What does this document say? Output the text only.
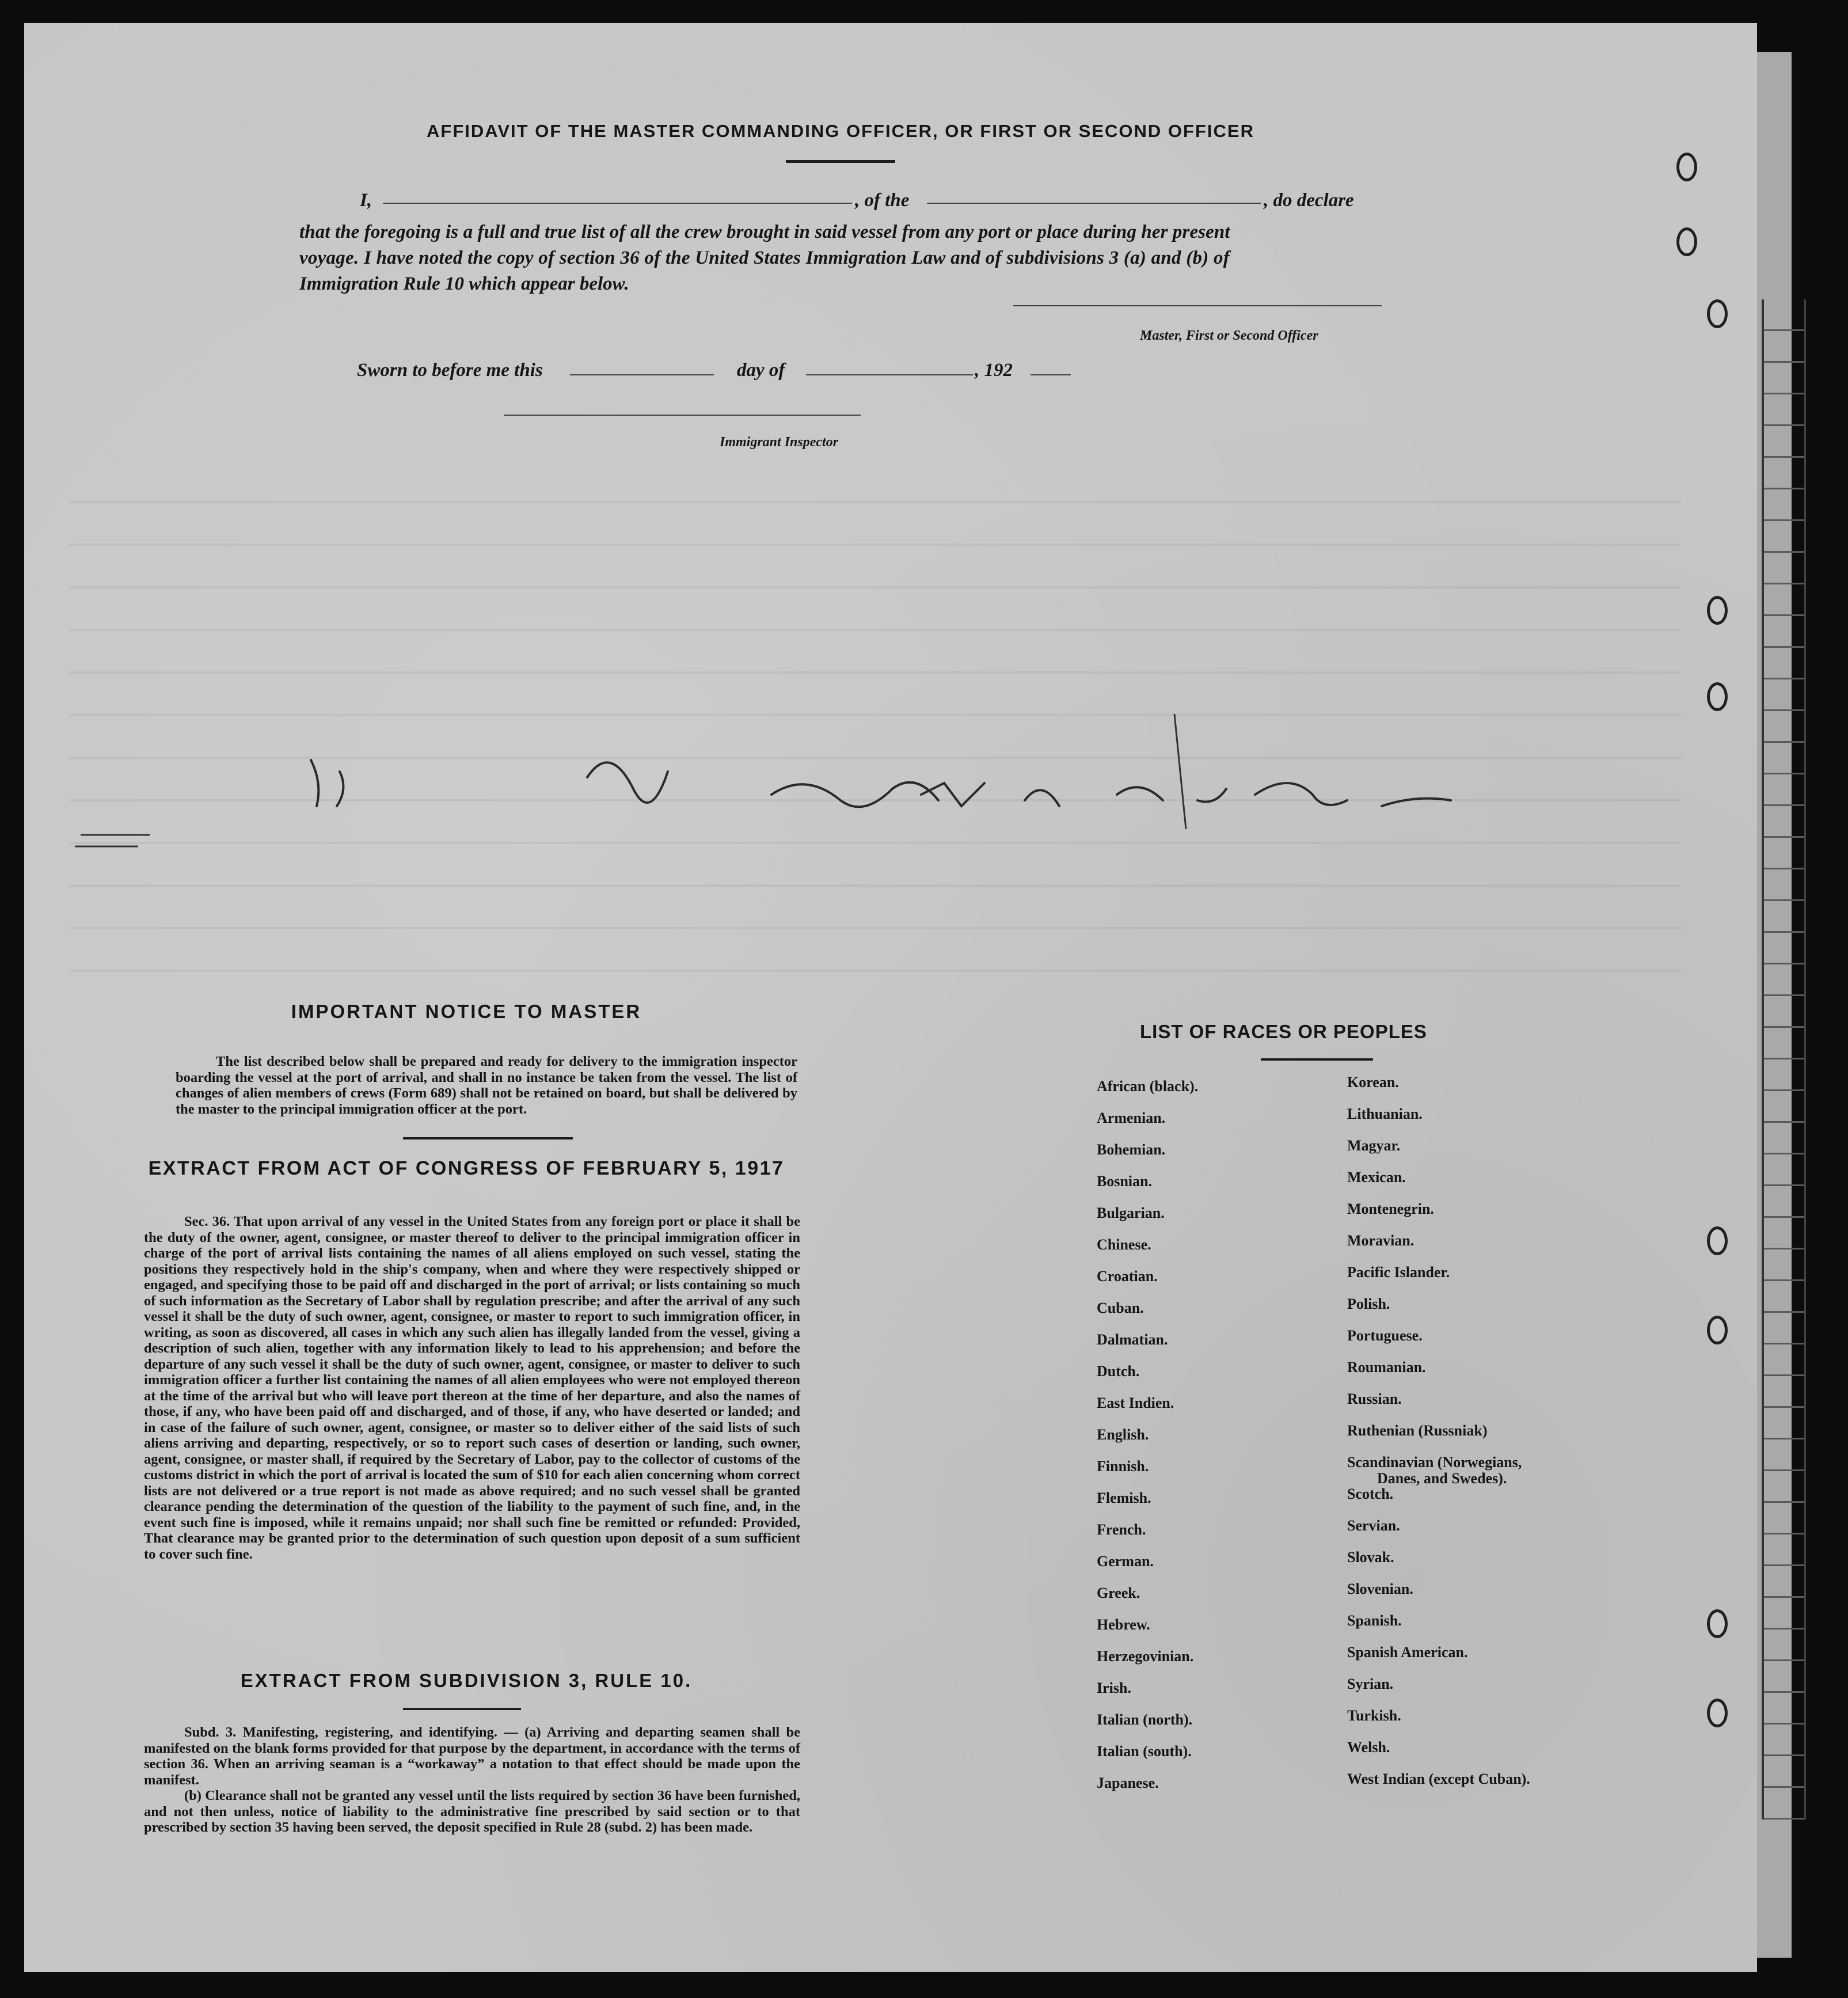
AFFIDAVIT OF THE MASTER COMMANDING OFFICER, OR FIRST OR SECOND OFFICER
I,	, of the	, do declare
that the foregoing is a full and true list of all the crew brought in said vessel from any port or place during her present
voyage. I have noted the copy of section 36 of the United States Immigration Law and of subdivisions 3 (a) and (b) of
Immigration Rule 10 which appear below.
Master, First or Second Officer
Sworn to before me this	day of	, 192
Immigrant Inspector
IMPORTANT NOTICE TO MASTER

The list described below shall be prepared and ready for delivery to the immigration inspector boarding the vessel at the port of arrival, and shall in no instance be taken from the vessel. The list of changes of alien members of crews (Form 689) shall not be retained on board, but shall be delivered by the master to the principal immigration officer at the port.

EXTRACT FROM ACT OF CONGRESS OF FEBRUARY 5, 1917

Sec. 36. That upon arrival of any vessel in the United States from any foreign port or place it shall be the duty of the owner, agent, consignee, or master thereof to deliver to the principal immigration officer in charge of the port of arrival lists containing the names of all aliens employed on such vessel, stating the positions they respectively hold in the ship's company, when and where they were respectively shipped or engaged, and specifying those to be paid off and discharged in the port of arrival; or lists containing so much of such information as the Secretary of Labor shall by regulation prescribe; and after the arrival of any such vessel it shall be the duty of such owner, agent, consignee, or master to report to such immigration officer, in writing, as soon as discovered, all cases in which any such alien has illegally landed from the vessel, giving a description of such alien, together with any information likely to lead to his apprehension; and before the departure of any such vessel it shall be the duty of such owner, agent, consignee, or master to deliver to such immigration officer a further list containing the names of all alien employees who were not employed thereon at the time of the arrival but who will leave port thereon at the time of her departure, and also the names of those, if any, who have been paid off and discharged, and of those, if any, who have deserted or landed; and in case of the failure of such owner, agent, consignee, or master so to deliver either of the said lists of such aliens arriving and departing, respectively, or so to report such cases of desertion or landing, such owner, agent, consignee, or master shall, if required by the Secretary of Labor, pay to the collector of customs of the customs district in which the port of arrival is located the sum of $10 for each alien concerning whom correct lists are not delivered or a true report is not made as above required; and no such vessel shall be granted clearance pending the determination of the question of the liability to the payment of such fine, and, in the event such fine is imposed, while it remains unpaid; nor shall such fine be remitted or refunded: Provided, That clearance may be granted prior to the determination of such question upon deposit of a sum sufficient to cover such fine.

EXTRACT FROM SUBDIVISION 3, RULE 10.

Subd. 3. Manifesting, registering, and identifying. — (a) Arriving and departing seamen shall be manifested on the blank forms provided for that purpose by the department, in accordance with the terms of section 36. When an arriving seaman is a “workaway” a notation to that effect should be made upon the manifest.

(b) Clearance shall not be granted any vessel until the lists required by section 36 have been furnished, and not then unless, notice of liability to the administrative fine prescribed by said section or to that prescribed by section 35 having been served, the deposit specified in Rule 28 (subd. 2) has been made.

LIST OF RACES OR PEOPLES
African (black).
Armenian.
Bohemian.
Bosnian.
Bulgarian.
Chinese.
Croatian.
Cuban.
Dalmatian.
Dutch.
East Indien.
English.
Finnish.
Flemish.
French.
German.
Greek.
Hebrew.
Herzegovinian.
Irish.
Italian (north).
Italian (south).
Japanese.
Korean.
Lithuanian.
Magyar.
Mexican.
Montenegrin.
Moravian.
Pacific Islander.
Polish.
Portuguese.
Roumanian.
Russian.
Ruthenian (Russniak)
Scandinavian (Norwegians,
Danes, and Swedes).
Scotch.
Servian.
Slovak.
Slovenian.
Spanish.
Spanish American.
Syrian.
Turkish.
Welsh.
West Indian (except Cuban).
